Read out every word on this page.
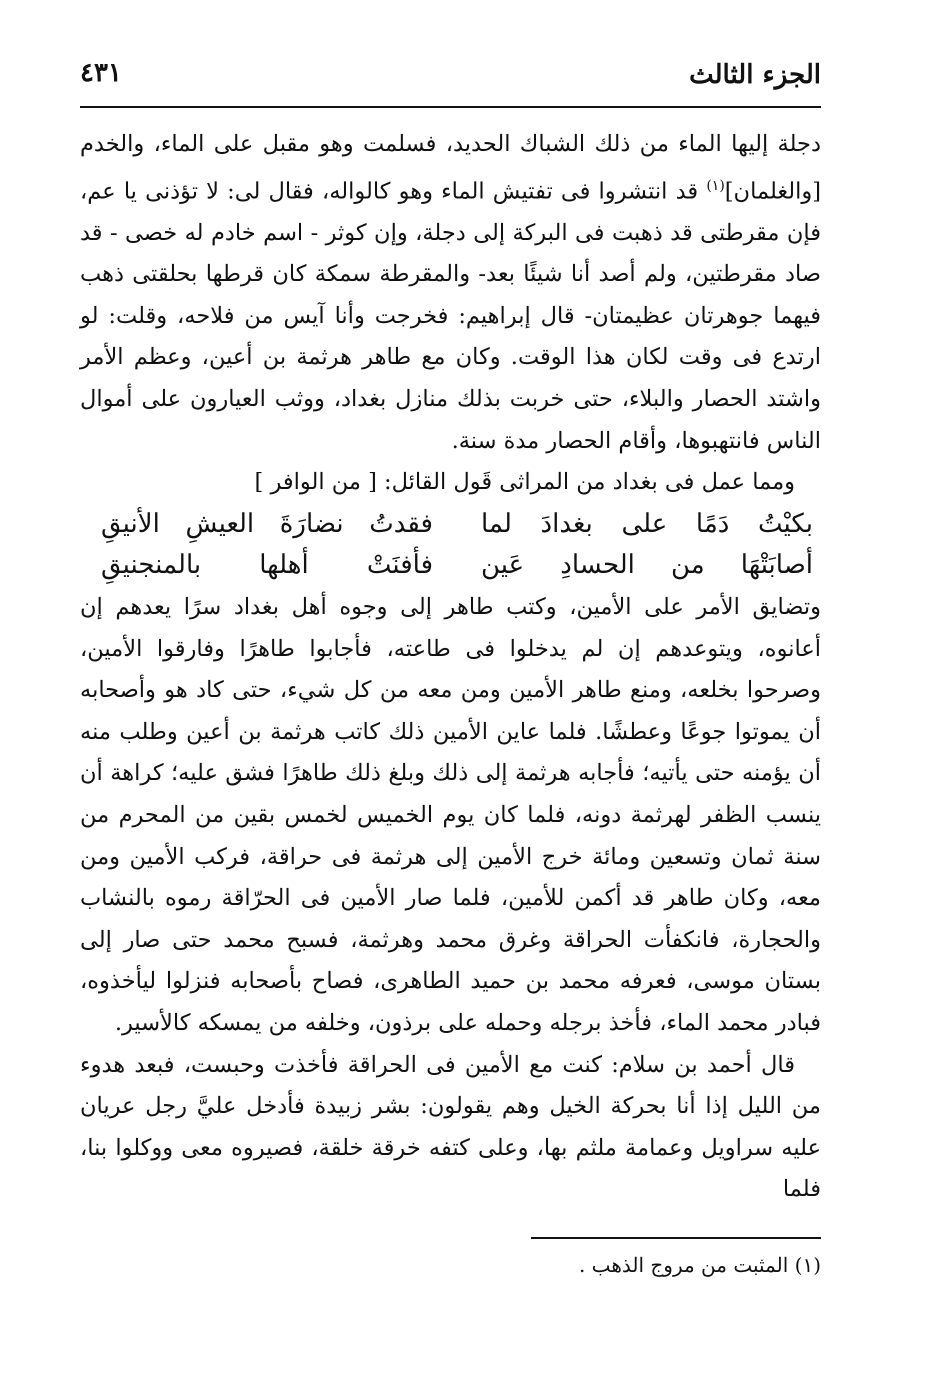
الجزء الثالث
٤٣١

دجلة إليها الماء من ذلك الشباك الحديد، فسلمت وهو مقبل على الماء، والخدم [والغلمان]$^{(١)}$ قد انتشروا فى تفتيش الماء وهو كالواله، فقال لى: لا تؤذنى يا عم، فإن مقرطتى قد ذهبت فى البركة إلى دجلة، وإن كوثر - اسم خادم له خصى - قد صاد مقرطتين، ولم أصد أنا شيئًا بعد- والمقرطة سمكة كان قرطها بحلقتى ذهب فيهما جوهرتان عظيمتان- قال إبراهيم: فخرجت وأنا آيس من فلاحه، وقلت: لو ارتدع فى وقت لكان هذا الوقت. وكان مع طاهر هرثمة بن أعين، وعظم الأمر واشتد الحصار والبلاء، حتى خربت بذلك منازل بغداد، ووثب العيارون على أموال الناس فانتهبوها، وأقام الحصار مدة سنة.

ومما عمل فى بغداد من المراثى قَول القائل: [ من الوافر ]

بكيْتُ دَمًا على بغدادَ لما
فقدتُ نضارَةَ العيشِ الأنيقِ
أصابَتْهَا من الحسادِ عَين
فأفنَتْ أهلها بالمنجنيقِ

وتضايق الأمر على الأمين، وكتب طاهر إلى وجوه أهل بغداد سرًا يعدهم إن أعانوه، ويتوعدهم إن لم يدخلوا فى طاعته، فأجابوا طاهرًا وفارقوا الأمين، وصرحوا بخلعه، ومنع طاهر الأمين ومن معه من كل شيء، حتى كاد هو وأصحابه أن يموتوا جوعًا وعطشًا. فلما عاين الأمين ذلك كاتب هرثمة بن أعين وطلب منه أن يؤمنه حتى يأتيه؛ فأجابه هرثمة إلى ذلك وبلغ ذلك طاهرًا فشق عليه؛ كراهة أن ينسب الظفر لهرثمة دونه، فلما كان يوم الخميس لخمس بقين من المحرم من سنة ثمان وتسعين ومائة خرج الأمين إلى هرثمة فى حراقة، فركب الأمين ومن معه، وكان طاهر قد أكمن للأمين، فلما صار الأمين فى الحرّاقة رموه بالنشاب والحجارة، فانكفأت الحراقة وغرق محمد وهرثمة، فسبح محمد حتى صار إلى بستان موسى، فعرفه محمد بن حميد الطاهرى، فصاح بأصحابه فنزلوا ليأخذوه، فبادر محمد الماء، فأخذ برجله وحمله على برذون، وخلفه من يمسكه كالأسير.

قال أحمد بن سلام: كنت مع الأمين فى الحراقة فأخذت وحبست، فبعد هدوء من الليل إذا أنا بحركة الخيل وهم يقولون: بشر زبيدة فأدخل عليَّ رجل عريان عليه سراويل وعمامة ملثم بها، وعلى كتفه خرقة خلقة، فصيروه معى ووكلوا بنا، فلما

(١) المثبت من مروج الذهب .
